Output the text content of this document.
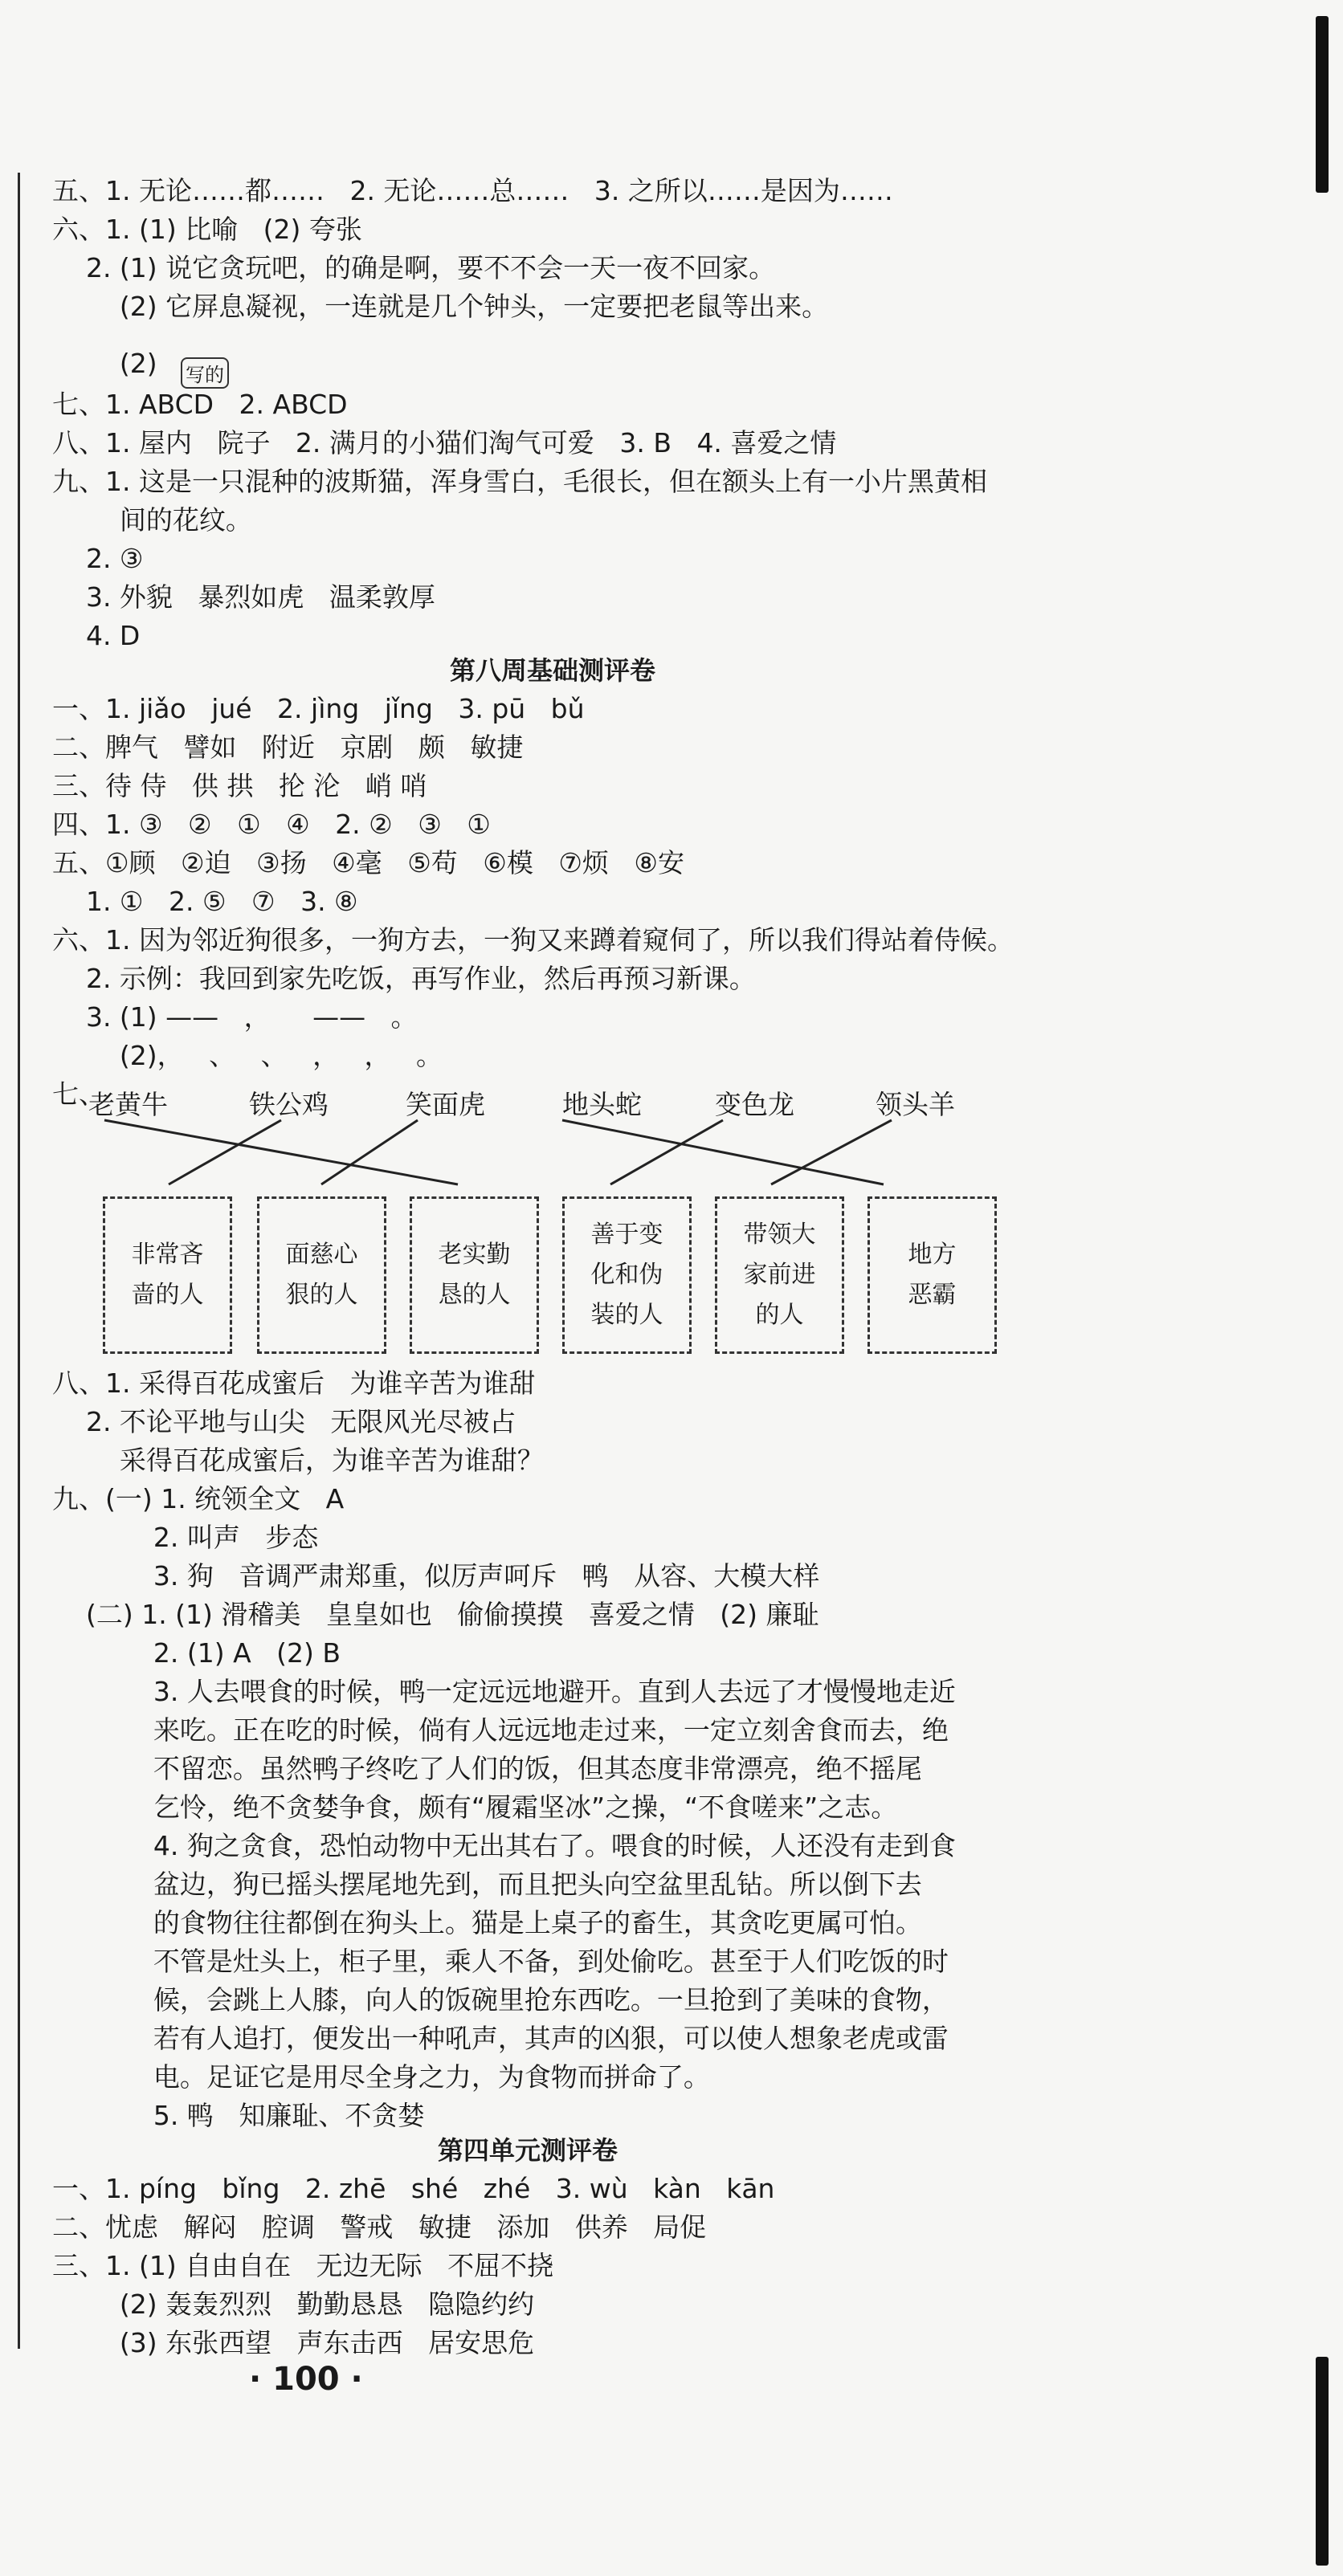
五、1. 无论……都……   2. 无论……总……   3. 之所以……是因为……
六、1. (1) 比喻   (2) 夸张
2. (1) 说它贪玩吧，的确是啊，要不不会一天一夜不回家。
(2) 它屏息凝视，一连就是几个钟头，一定要把老鼠等出来。
(2) 写的
七、1. ABCD   2. ABCD
八、1. 屋内   院子   2. 满月的小猫们淘气可爱   3. B   4. 喜爱之情
九、1. 这是一只混种的波斯猫，浑身雪白，毛很长，但在额头上有一小片黑黄相
间的花纹。
2. ③
3. 外貌   暴烈如虎   温柔敦厚
4. D
第八周基础测评卷
一、1. jiǎo   jué   2. jìng   jǐng   3. pū   bǔ
二、脾气   譬如   附近   京剧   颇   敏捷
三、待 侍   供 拱   抡 沦   峭 哨
四、1. ③   ②   ①   ④   2. ②   ③   ①
五、①顾   ②迫   ③扬   ④毫   ⑤苟   ⑥模   ⑦烦   ⑧安
1. ①   2. ⑤   ⑦   3. ⑧
六、1. 因为邻近狗很多，一狗方去，一狗又来蹲着窥伺了，所以我们得站着侍候。
2. 示例：我回到家先吃饭，再写作业，然后再预习新课。
3. (1) ——   ，     ——   。
(2)，   、   、   ，   ，   。
七、
老黄牛	铁公鸡	笑面虎	地头蛇	变色龙	领头羊
非常吝
啬的人
面慈心
狠的人
老实勤
恳的人
善于变
化和伪
装的人
带领大
家前进
的人
地方
恶霸
八、1. 采得百花成蜜后   为谁辛苦为谁甜
2. 不论平地与山尖   无限风光尽被占
采得百花成蜜后，为谁辛苦为谁甜？
九、(一) 1. 统领全文   A
2. 叫声   步态
3. 狗   音调严肃郑重，似厉声呵斥   鸭   从容、大模大样
(二) 1. (1) 滑稽美   皇皇如也   偷偷摸摸   喜爱之情   (2) 廉耻
2. (1) A   (2) B
3. 人去喂食的时候，鸭一定远远地避开。直到人去远了才慢慢地走近
来吃。正在吃的时候，倘有人远远地走过来，一定立刻舍食而去，绝
不留恋。虽然鸭子终吃了人们的饭，但其态度非常漂亮，绝不摇尾
乞怜，绝不贪婪争食，颇有“履霜坚冰”之操，“不食嗟来”之志。
4. 狗之贪食，恐怕动物中无出其右了。喂食的时候，人还没有走到食
盆边，狗已摇头摆尾地先到，而且把头向空盆里乱钻。所以倒下去
的食物往往都倒在狗头上。猫是上桌子的畜生，其贪吃更属可怕。
不管是灶头上，柜子里，乘人不备，到处偷吃。甚至于人们吃饭的时
候，会跳上人膝，向人的饭碗里抢东西吃。一旦抢到了美味的食物，
若有人追打，便发出一种吼声，其声的凶狠，可以使人想象老虎或雷
电。足证它是用尽全身之力，为食物而拼命了。
5. 鸭   知廉耻、不贪婪
第四单元测评卷
一、1. píng   bǐng   2. zhē   shé   zhé   3. wù   kàn   kān
二、忧虑   解闷   腔调   警戒   敏捷   添加   供养   局促
三、1. (1) 自由自在   无边无际   不屈不挠
(2) 轰轰烈烈   勤勤恳恳   隐隐约约
(3) 东张西望   声东击西   居安思危
· 100 ·
